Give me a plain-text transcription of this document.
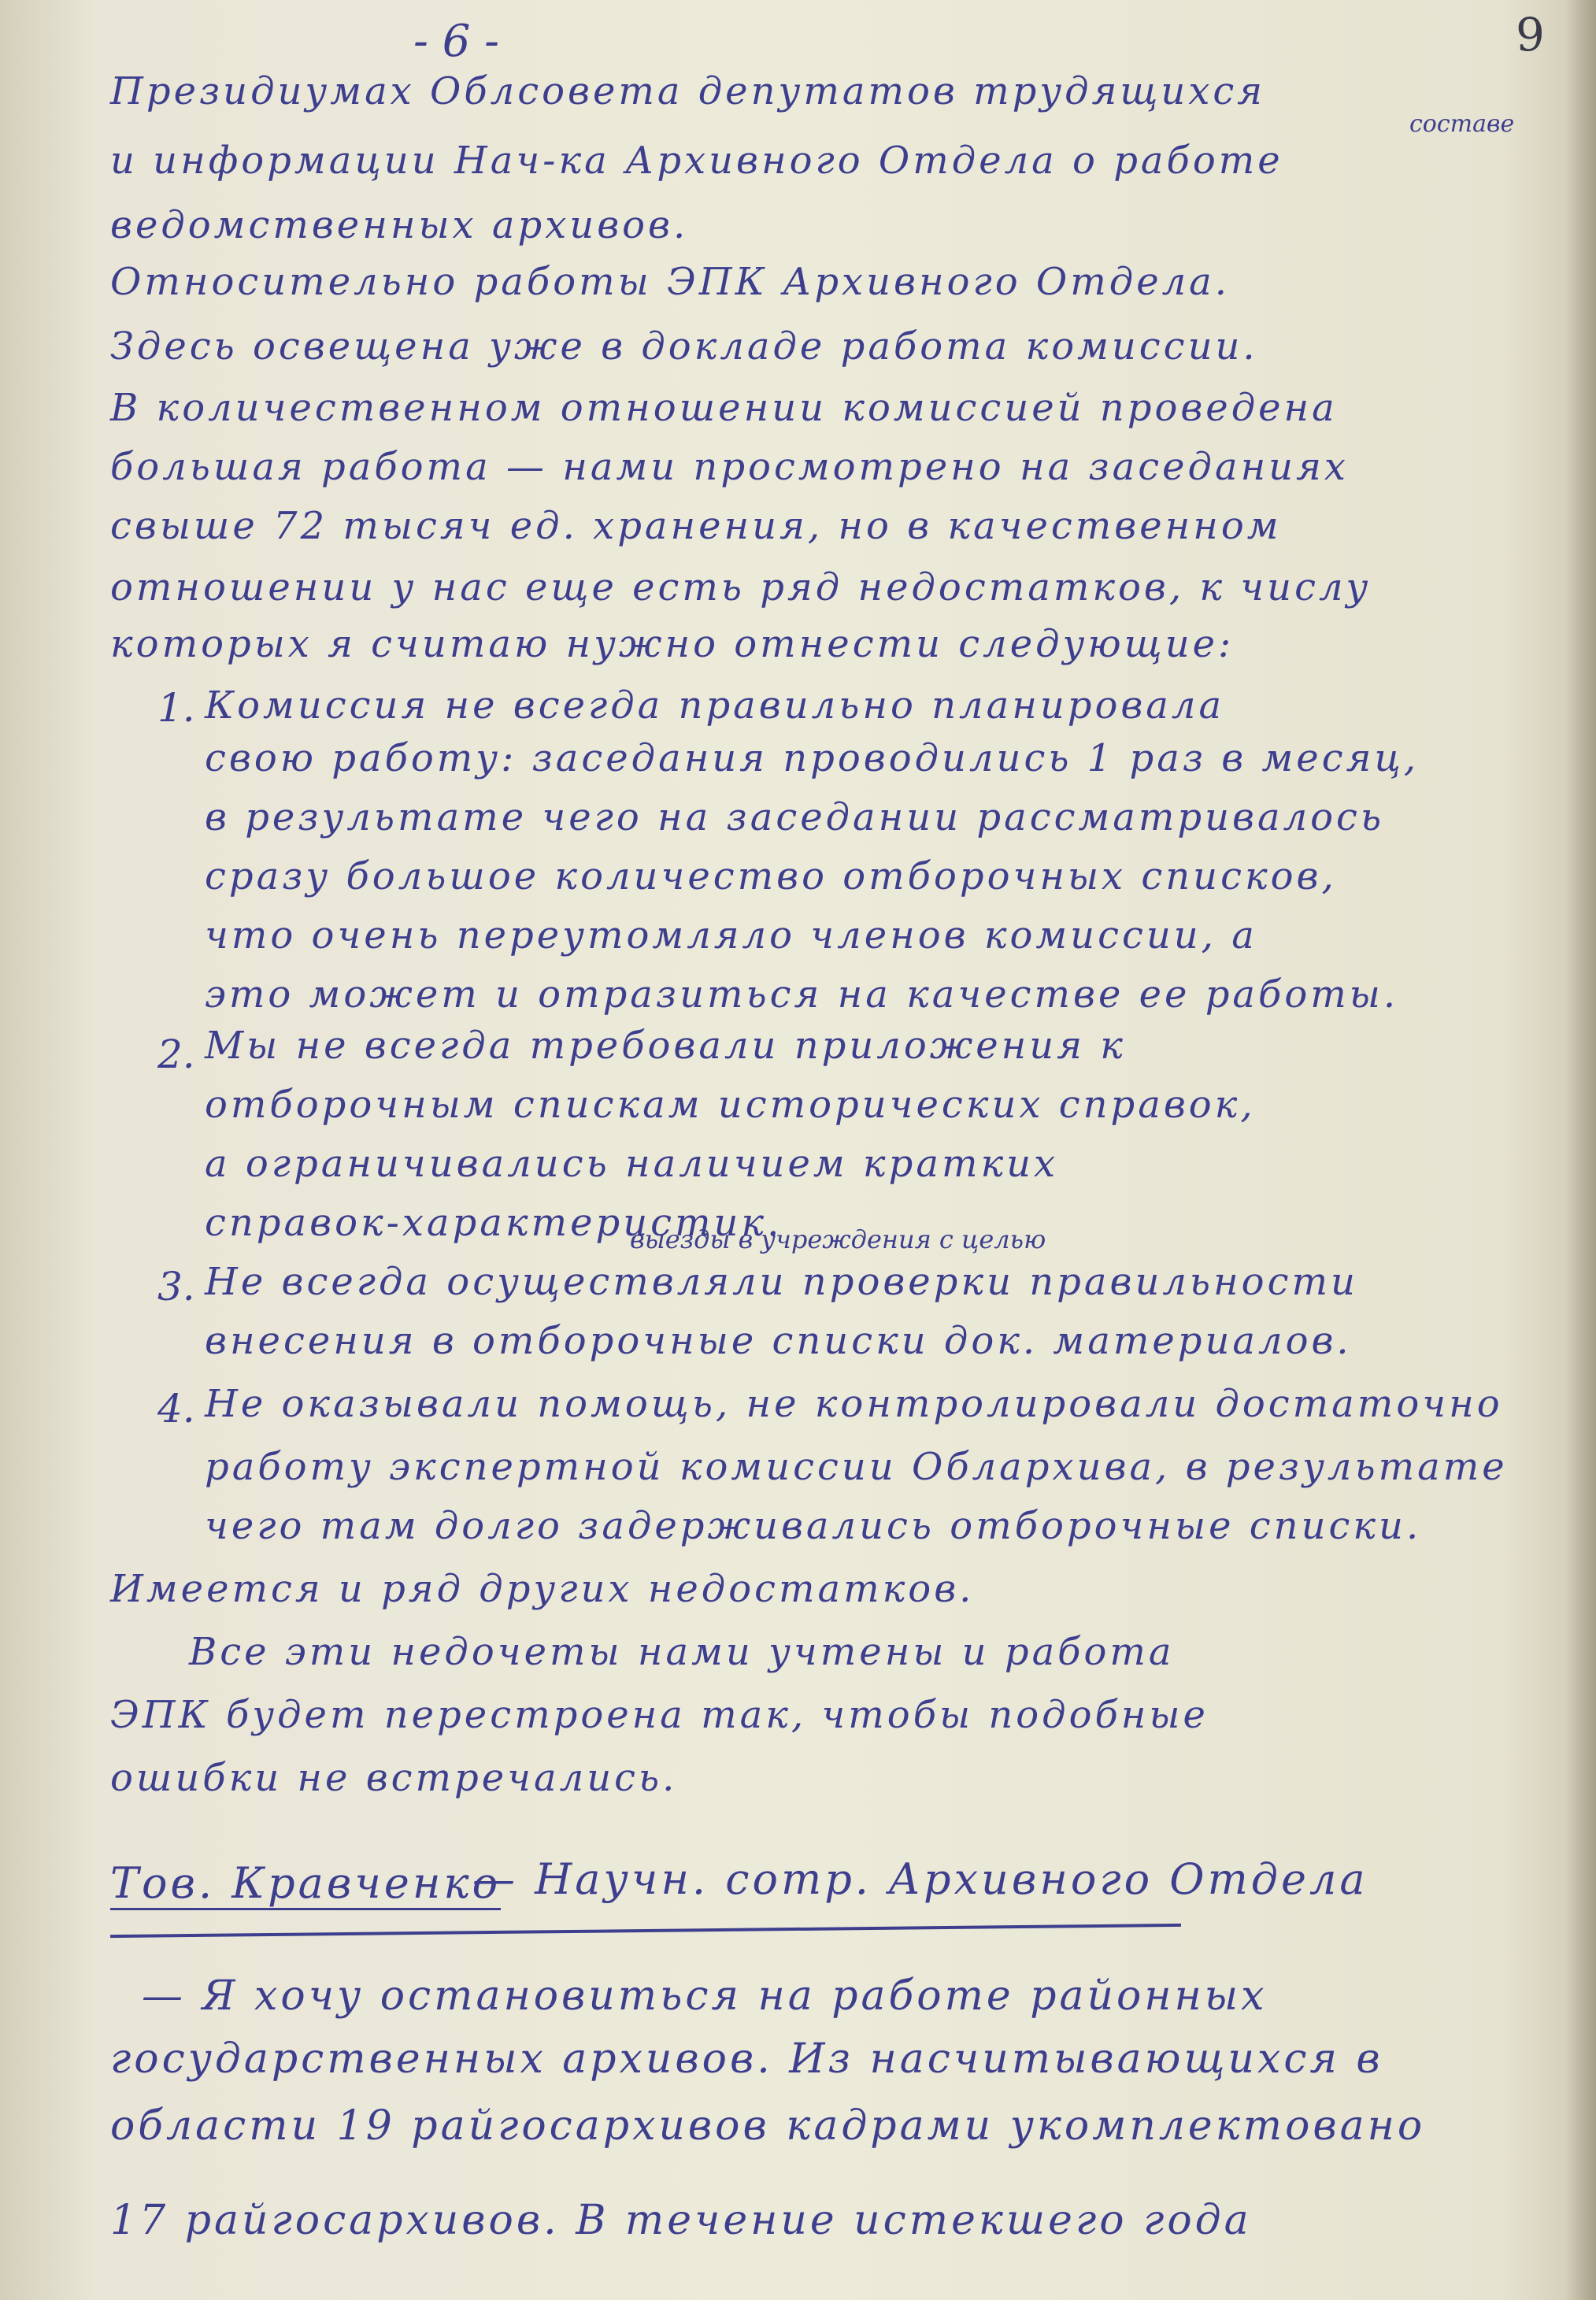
- 6 -	9
Президиумах Облсовета депутатов трудящихся
и информации Нач-ка Архивного Отдела о работе
составе
ведомственных архивов.
Относительно работы ЭПК Архивного Отдела.
Здесь освещена уже в докладе работа комиссии.
В количественном отношении комиссией проведена
большая работа — нами просмотрено на заседаниях
свыше 72 тысяч ед. хранения, но в качественном
отношении у нас еще есть ряд недостатков, к числу
которых я считаю нужно отнести следующие:
1. Комиссия не всегда правильно планировала
свою работу: заседания проводились 1 раз в месяц,
в результате чего на заседании рассматривалось
сразу большое количество отборочных списков,
что очень переутомляло членов комиссии, а
это может и отразиться на качестве ее работы.
2. Мы не всегда требовали приложения к
отборочным спискам исторических справок,
а ограничивались наличием кратких
справок-характеристик.
выезды в учреждения с целью
3. Не всегда осуществляли проверки правильности
внесения в отборочные списки док. материалов.
4. Не оказывали помощь, не контролировали достаточно
работу экспертной комиссии Облархива, в результате
чего там долго задерживались отборочные списки.
Имеется и ряд других недостатков.
Все эти недочеты нами учтены и работа
ЭПК будет перестроена так, чтобы подобные
ошибки не встречались.
Тов. Кравченко
— Научн. сотр. Архивного Отдела
— Я хочу остановиться на работе районных
государственных архивов. Из насчитывающихся в
области 19 райгосархивов кадрами укомплектовано
17 райгосархивов. В течение истекшего года
